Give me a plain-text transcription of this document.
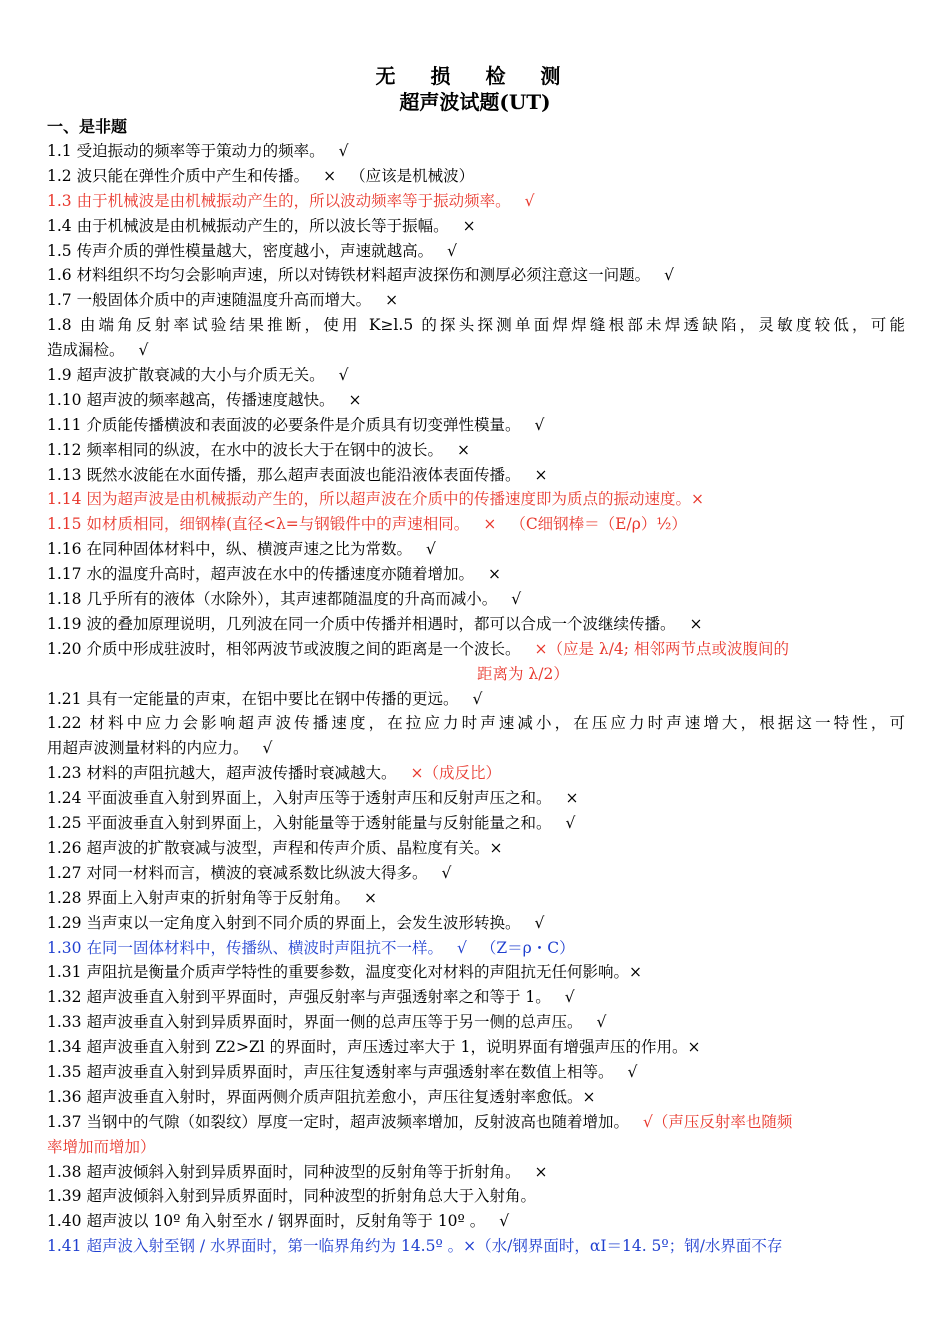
无 损 检 测
超声波试题(UT)
一、是非题
1.1 受迫振动的频率等于策动力的频率。 √
1.2 波只能在弹性介质中产生和传播。 × （应该是机械波）
1.3 由于机械波是由机械振动产生的，所以波动频率等于振动频率。 √
1.4 由于机械波是由机械振动产生的，所以波长等于振幅。 ×
1.5 传声介质的弹性模量越大，密度越小，声速就越高。 √
1.6 材料组织不均匀会影响声速，所以对铸铁材料超声波探伤和测厚必须注意这一问题。 √
1.7 一般固体介质中的声速随温度升高而增大。 ×
1.8 由端角反射率试验结果推断，使用 K≥l.5 的探头探测单面焊焊缝根部未焊透缺陷，灵敏度较低，可能
造成漏检。 √
1.9 超声波扩散衰减的大小与介质无关。 √
1.10 超声波的频率越高，传播速度越快。 ×
1.11 介质能传播横波和表面波的必要条件是介质具有切变弹性模量。 √
1.12 频率相同的纵波，在水中的波长大于在钢中的波长。 ×
1.13 既然水波能在水面传播，那么超声表面波也能沿液体表面传播。 ×
1.14 因为超声波是由机械振动产生的，所以超声波在介质中的传播速度即为质点的振动速度。×
1.15 如材质相同，细钢棒(直径<λ=与钢锻件中的声速相同。 × （C细钢棒＝（E/ρ）½）
1.16 在同种固体材料中，纵、横渡声速之比为常数。 √
1.17 水的温度升高时，超声波在水中的传播速度亦随着增加。 ×
1.18 几乎所有的液体（水除外），其声速都随温度的升高而减小。 √
1.19 波的叠加原理说明，几列波在同一介质中传播并相遇时，都可以合成一个波继续传播。 ×
1.20 介质中形成驻波时，相邻两波节或波腹之间的距离是一个波长。 ×（应是 λ/4; 相邻两节点或波腹间的
距离为 λ/2）
1.21 具有一定能量的声束，在铝中要比在钢中传播的更远。 √
1.22 材料中应力会影响超声波传播速度，在拉应力时声速减小，在压应力时声速增大，根据这一特性，可
用超声波测量材料的内应力。 √
1.23 材料的声阻抗越大，超声波传播时衰减越大。 ×（成反比）
1.24 平面波垂直入射到界面上，入射声压等于透射声压和反射声压之和。 ×
1.25 平面波垂直入射到界面上，入射能量等于透射能量与反射能量之和。 √
1.26 超声波的扩散衰减与波型，声程和传声介质、晶粒度有关。×
1.27 对同一材料而言，横波的衰减系数比纵波大得多。 √
1.28 界面上入射声束的折射角等于反射角。 ×
1.29 当声束以一定角度入射到不同介质的界面上，会发生波形转换。 √
1.30 在同一固体材料中，传播纵、横波时声阻抗不一样。 √ （Z＝ρ・C）
1.31 声阻抗是衡量介质声学特性的重要参数，温度变化对材料的声阻抗无任何影响。×
1.32 超声波垂直入射到平界面时，声强反射率与声强透射率之和等于 1。 √
1.33 超声波垂直入射到异质界面时，界面一侧的总声压等于另一侧的总声压。 √
1.34 超声波垂直入射到 Z2>Zl 的界面时，声压透过率大于 1，说明界面有增强声压的作用。×
1.35 超声波垂直入射到异质界面时，声压往复透射率与声强透射率在数值上相等。 √
1.36 超声波垂直入射时，界面两侧介质声阻抗差愈小，声压往复透射率愈低。×
1.37 当钢中的气隙（如裂纹）厚度一定时，超声波频率增加，反射波高也随着增加。 √（声压反射率也随频
率增加而增加）
1.38 超声波倾斜入射到异质界面时，同种波型的反射角等于折射角。 ×
1.39 超声波倾斜入射到异质界面时，同种波型的折射角总大于入射角。
1.40 超声波以 10º 角入射至水 / 钢界面时，反射角等于 10º 。 √
1.41 超声波入射至钢 / 水界面时，第一临界角约为 14.5º 。×（水/钢界面时，αⅠ＝14. 5º；钢/水界面不存
